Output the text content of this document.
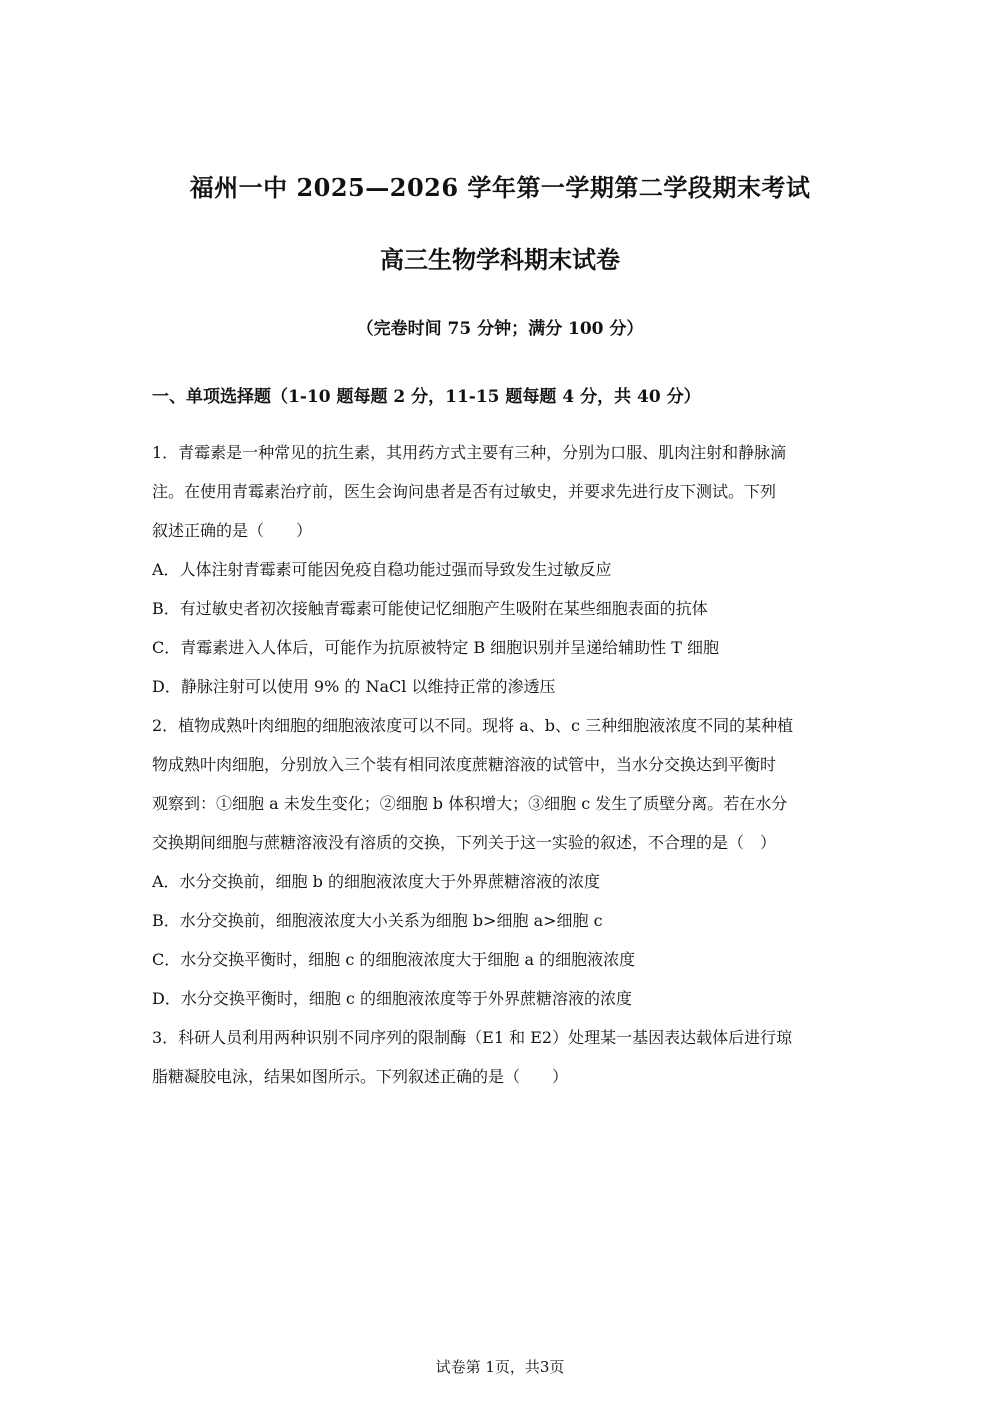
福州一中 2025—2026 学年第一学期第二学段期末考试
高三生物学科期末试卷
（完卷时间 75 分钟；满分 100 分）
一、单项选择题（1-10 题每题 2 分，11-15 题每题 4 分，共 40 分）
1．青霉素是一种常见的抗生素，其用药方式主要有三种，分别为口服、肌肉注射和静脉滴
注。在使用青霉素治疗前，医生会询问患者是否有过敏史，并要求先进行皮下测试。下列
叙述正确的是（　　）
A．人体注射青霉素可能因免疫自稳功能过强而导致发生过敏反应
B．有过敏史者初次接触青霉素可能使记忆细胞产生吸附在某些细胞表面的抗体
C．青霉素进入人体后，可能作为抗原被特定 B 细胞识别并呈递给辅助性 T 细胞
D．静脉注射可以使用 9% 的 NaCl 以维持正常的渗透压
2．植物成熟叶肉细胞的细胞液浓度可以不同。现将 a、b、c 三种细胞液浓度不同的某种植
物成熟叶肉细胞，分别放入三个装有相同浓度蔗糖溶液的试管中，当水分交换达到平衡时
观察到：①细胞 a 未发生变化；②细胞 b 体积增大；③细胞 c 发生了质壁分离。若在水分
交换期间细胞与蔗糖溶液没有溶质的交换，下列关于这一实验的叙述，不合理的是（　）
A．水分交换前，细胞 b 的细胞液浓度大于外界蔗糖溶液的浓度
B．水分交换前，细胞液浓度大小关系为细胞 b>细胞 a>细胞 c
C．水分交换平衡时，细胞 c 的细胞液浓度大于细胞 a 的细胞液浓度
D．水分交换平衡时，细胞 c 的细胞液浓度等于外界蔗糖溶液的浓度
3．科研人员利用两种识别不同序列的限制酶（E1 和 E2）处理某一基因表达载体后进行琼
脂糖凝胶电泳，结果如图所示。下列叙述正确的是（　　）
试卷第 1页，共3页
